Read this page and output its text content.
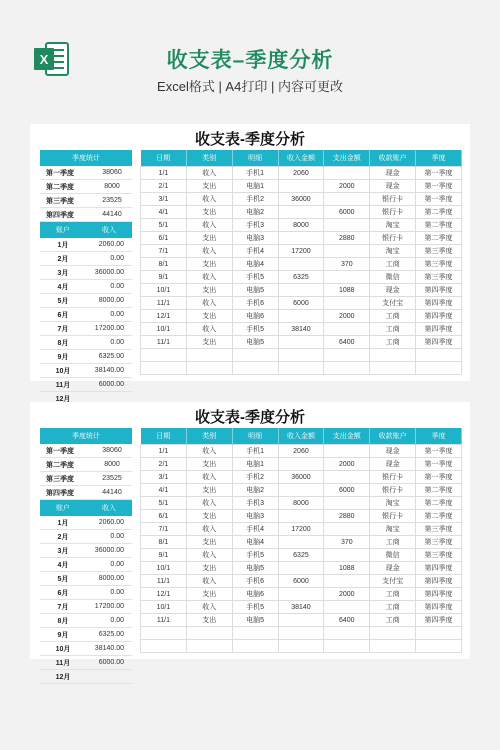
X	收支表–季度分析
Excel格式 | A4打印 | 内容可更改
收支表-季度分析
季度统计
第一季度	38060
第二季度	8000
第三季度	23525
第四季度	44140
账户	收入
1月	2060.00
2月	0.00
3月	36000.00
4月	0.00
5月	8000.00
6月	0.00
7月	17200.00
8月	0.00
9月	6325.00
10月	38140.00
11月	6000.00
12月
日期	类别	明细	收入金额	支出金额	收款账户	季度
1/1	收入	手机1	2060		现金	第一季度
2/1	支出	电脑1		2000	现金	第一季度
3/1	收入	手机2	36000		银行卡	第一季度
4/1	支出	电脑2		6000	银行卡	第二季度
5/1	收入	手机3	8000		淘宝	第二季度
6/1	支出	电脑3		2880	银行卡	第二季度
7/1	收入	手机4	17200		淘宝	第三季度
8/1	支出	电脑4		370	工商	第三季度
9/1	收入	手机5	6325		微信	第三季度
10/1	支出	电脑5		1088	现金	第四季度
11/1	收入	手机6	6000		支付宝	第四季度
12/1	支出	电脑6		2000	工商	第四季度
10/1	收入	手机5	38140		工商	第四季度
11/1	支出	电脑5		6400	工商	第四季度

收支表-季度分析
季度统计
第一季度	38060
第二季度	8000
第三季度	23525
第四季度	44140
账户	收入
1月	2060.00
2月	0.00
3月	36000.00
4月	0.00
5月	8000.00
6月	0.00
7月	17200.00
8月	0.00
9月	6325.00
10月	38140.00
11月	6000.00
12月
日期	类别	明细	收入金额	支出金额	收款账户	季度
1/1	收入	手机1	2060		现金	第一季度
2/1	支出	电脑1		2000	现金	第一季度
3/1	收入	手机2	36000		银行卡	第一季度
4/1	支出	电脑2		6000	银行卡	第二季度
5/1	收入	手机3	8000		淘宝	第二季度
6/1	支出	电脑3		2880	银行卡	第二季度
7/1	收入	手机4	17200		淘宝	第三季度
8/1	支出	电脑4		370	工商	第三季度
9/1	收入	手机5	6325		微信	第三季度
10/1	支出	电脑5		1088	现金	第四季度
11/1	收入	手机6	6000		支付宝	第四季度
12/1	支出	电脑6		2000	工商	第四季度
10/1	收入	手机5	38140		工商	第四季度
11/1	支出	电脑5		6400	工商	第四季度
